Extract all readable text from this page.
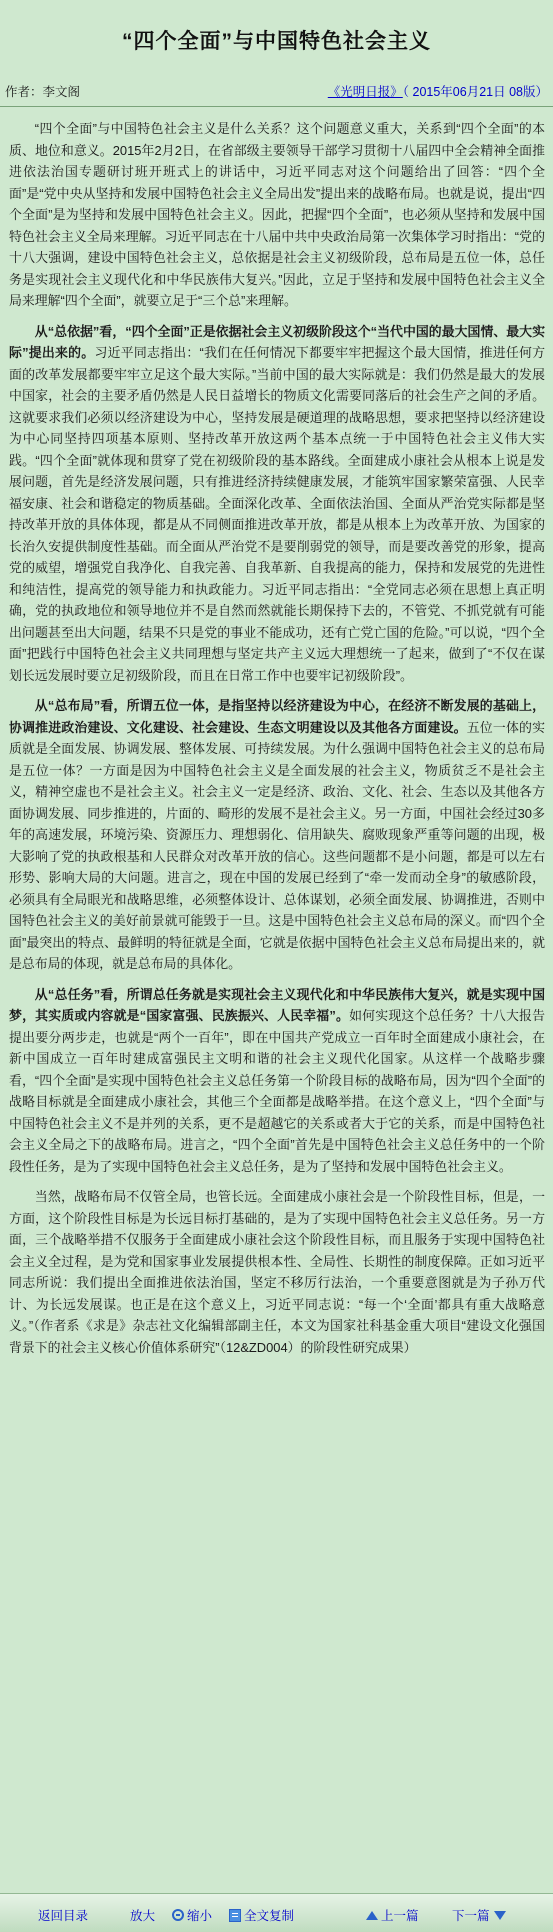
“四个全面”与中国特色社会主义
作者：李文阁	《光明日报》（ 2015年06月21日 08版）

“四个全面”与中国特色社会主义是什么关系？这个问题意义重大，关系到“四个全面”的本质、地位和意义。2015年2月2日，在省部级主要领导干部学习贯彻十八届四中全会精神全面推进依法治国专题研讨班开班式上的讲话中，习近平同志对这个问题给出了回答：“四个全面”是“党中央从坚持和发展中国特色社会主义全局出发”提出来的战略布局。也就是说，提出“四个全面”是为坚持和发展中国特色社会主义。因此，把握“四个全面”，也必须从坚持和发展中国特色社会主义全局来理解。习近平同志在十八届中共中央政治局第一次集体学习时指出：“党的十八大强调，建设中国特色社会主义，总依据是社会主义初级阶段，总布局是五位一体，总任务是实现社会主义现代化和中华民族伟大复兴。”因此，立足于坚持和发展中国特色社会主义全局来理解“四个全面”，就要立足于“三个总”来理解。

从“总依据”看，“四个全面”正是依据社会主义初级阶段这个“当代中国的最大国情、最大实际”提出来的。习近平同志指出：“我们在任何情况下都要牢牢把握这个最大国情，推进任何方面的改革发展都要牢牢立足这个最大实际。”当前中国的最大实际就是：我们仍然是最大的发展中国家，社会的主要矛盾仍然是人民日益增长的物质文化需要同落后的社会生产之间的矛盾。这就要求我们必须以经济建设为中心，坚持发展是硬道理的战略思想，要求把坚持以经济建设为中心同坚持四项基本原则、坚持改革开放这两个基本点统一于中国特色社会主义伟大实践。“四个全面”就体现和贯穿了党在初级阶段的基本路线。全面建成小康社会从根本上说是发展问题，首先是经济发展问题，只有推进经济持续健康发展，才能筑牢国家繁荣富强、人民幸福安康、社会和谐稳定的物质基础。全面深化改革、全面依法治国、全面从严治党实际都是坚持改革开放的具体体现，都是从不同侧面推进改革开放，都是从根本上为改革开放、为国家的长治久安提供制度性基础。而全面从严治党不是要削弱党的领导，而是要改善党的形象，提高党的威望，增强党自我净化、自我完善、自我革新、自我提高的能力，保持和发展党的先进性和纯洁性，提高党的领导能力和执政能力。习近平同志指出：“全党同志必须在思想上真正明确，党的执政地位和领导地位并不是自然而然就能长期保持下去的，不管党、不抓党就有可能出问题甚至出大问题，结果不只是党的事业不能成功，还有亡党亡国的危险。”可以说，“四个全面”把践行中国特色社会主义共同理想与坚定共产主义远大理想统一了起来，做到了“不仅在谋划长远发展时要立足初级阶段，而且在日常工作中也要牢记初级阶段”。

从“总布局”看，所谓五位一体，是指坚持以经济建设为中心，在经济不断发展的基础上，协调推进政治建设、文化建设、社会建设、生态文明建设以及其他各方面建设。五位一体的实质就是全面发展、协调发展、整体发展、可持续发展。为什么强调中国特色社会主义的总布局是五位一体？一方面是因为中国特色社会主义是全面发展的社会主义，物质贫乏不是社会主义，精神空虚也不是社会主义。社会主义一定是经济、政治、文化、社会、生态以及其他各方面协调发展、同步推进的，片面的、畸形的发展不是社会主义。另一方面，中国社会经过30多年的高速发展，环境污染、资源压力、理想弱化、信用缺失、腐败现象严重等问题的出现，极大影响了党的执政根基和人民群众对改革开放的信心。这些问题都不是小问题，都是可以左右形势、影响大局的大问题。进言之，现在中国的发展已经到了“牵一发而动全身”的敏感阶段，必须具有全局眼光和战略思维，必须整体设计、总体谋划，必须全面发展、协调推进，否则中国特色社会主义的美好前景就可能毁于一旦。这是中国特色社会主义总布局的深义。而“四个全面”最突出的特点、最鲜明的特征就是全面，它就是依据中国特色社会主义总布局提出来的，就是总布局的体现，就是总布局的具体化。

从“总任务”看，所谓总任务就是实现社会主义现代化和中华民族伟大复兴，就是实现中国梦，其实质或内容就是“国家富强、民族振兴、人民幸福”。如何实现这个总任务？十八大报告提出要分两步走，也就是“两个一百年”，即在中国共产党成立一百年时全面建成小康社会，在新中国成立一百年时建成富强民主文明和谐的社会主义现代化国家。从这样一个战略步骤看，“四个全面”是实现中国特色社会主义总任务第一个阶段目标的战略布局，因为“四个全面”的战略目标就是全面建成小康社会，其他三个全面都是战略举措。在这个意义上，“四个全面”与中国特色社会主义不是并列的关系，更不是超越它的关系或者大于它的关系，而是中国特色社会主义全局之下的战略布局。进言之，“四个全面”首先是中国特色社会主义总任务中的一个阶段性任务，是为了实现中国特色社会主义总任务，是为了坚持和发展中国特色社会主义。

当然，战略布局不仅管全局，也管长远。全面建成小康社会是一个阶段性目标，但是，一方面，这个阶段性目标是为长远目标打基础的，是为了实现中国特色社会主义总任务。另一方面，三个战略举措不仅服务于全面建成小康社会这个阶段性目标，而且服务于实现中国特色社会主义全过程，是为党和国家事业发展提供根本性、全局性、长期性的制度保障。正如习近平同志所说：我们提出全面推进依法治国，坚定不移厉行法治，一个重要意图就是为子孙万代计、为长远发展谋。也正是在这个意义上，习近平同志说：“每一个‘全面’都具有重大战略意义。”（作者系《求是》杂志社文化编辑部副主任，本文为国家社科基金重大项目“建设文化强国背景下的社会主义核心价值体系研究”（12&ZD004）的阶段性研究成果）

返回目录	放大	缩小	全文复制	上一篇	下一篇
